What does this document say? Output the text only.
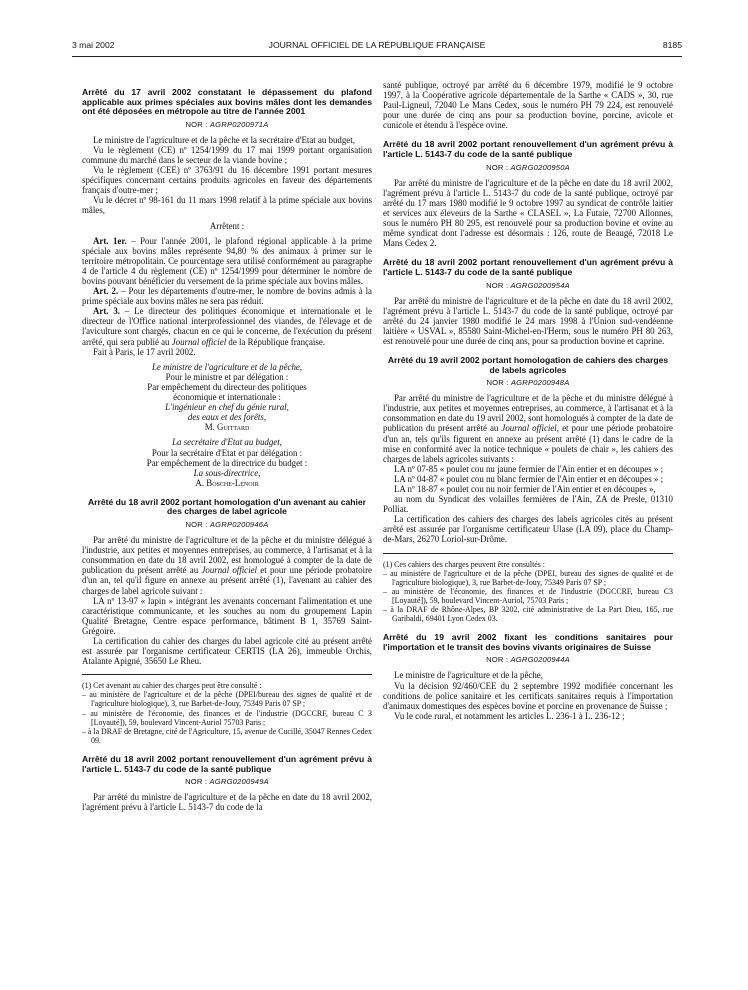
3 mai 2002	JOURNAL OFFICIEL DE LA RÉPUBLIQUE FRANÇAISE	8185
Arrêté du 17 avril 2002 constatant le dépassement du plafond applicable aux primes spéciales aux bovins mâles dont les demandes ont été déposées en métropole au titre de l'année 2001
NOR : AGRP0200971A

Le ministre de l'agriculture et de la pêche et la secrétaire d'Etat au budget,

Vu le règlement (CE) nº 1254/1999 du 17 mai 1999 portant organisation commune du marché dans le secteur de la viande bovine ;

Vu le règlement (CEE) nº 3763/91 du 16 décembre 1991 portant mesures spécifiques concernant certains produits agricoles en faveur des départements français d'outre-mer ;

Vu le décret nº 98-161 du 11 mars 1998 relatif à la prime spéciale aux bovins mâles,

Arrêtent :

Art. 1er. – Pour l'année 2001, le plafond régional applicable à la prime spéciale aux bovins mâles représente 94,80 % des animaux à primer sur le territoire métropolitain. Ce pourcentage sera utilisé conformément au paragraphe 4 de l'article 4 du règlement (CE) nº 1254/1999 pour déterminer le nombre de bovins pouvant bénéficier du versement de la prime spéciale aux bovins mâles.

Art. 2. – Pour les départements d'outre-mer, le nombre de bovins admis à la prime spéciale aux bovins mâles ne sera pas réduit.

Art. 3. – Le directeur des politiques économique et internationale et le directeur de l'Office national interprofessionnel des viandes, de l'élevage et de l'aviculture sont chargés, chacun en ce qui le concerne, de l'exécution du présent arrêté, qui sera publié au Journal officiel de la République française.

Fait à Paris, le 17 avril 2002.

Le ministre de l'agriculture et de la pêche,

Pour le ministre et par délégation :

Par empêchement du directeur des politiques

économique et internationale :

L'ingénieur en chef du génie rural,

des eaux et des forêts,

M. Guittard

La secrétaire d'Etat au budget,

Pour la secrétaire d'Etat et par délégation :

Par empêchement de la directrice du budget :

La sous-directrice,

A. Bosche-Lenoir

Arrêté du 18 avril 2002 portant homologation d'un avenant au cahier des charges de label agricole
NOR : AGRP0200946A

Par arrêté du ministre de l'agriculture et de la pêche et du ministre délégué à l'industrie, aux petites et moyennes entreprises, au commerce, à l'artisanat et à la consommation en date du 18 avril 2002, est homologué à compter de la date de publication du présent arrêté au Journal officiel et pour une période probatoire d'un an, tel qu'il figure en annexe au présent arrêté (1), l'avenant au cahier des charges de label agricole suivant :

LA nº 13-97 « lapin » intégrant les avenants concernant l'alimentation et une caractéristique communicante, et les souches au nom du groupement Lapin Qualité Bretagne, Centre espace performance, bâtiment B 1, 35769 Saint-Grégoire.

La certification du cahier des charges du label agricole cité au présent arrêté est assurée par l'organisme certificateur CERTIS (LA 26), immeuble Orchis, Atalante Apigné, 35650 Le Rheu.

(1) Cet avenant au cahier des charges peut être consulté :

– au ministère de l'agriculture et de la pêche (DPEI/bureau des signes de qualité et de l'agriculture biologique), 3, rue Barbet-de-Jouy, 75349 Paris 07 SP ;

– au ministère de l'économie, des finances et de l'industrie (DGCCRF, bureau C 3 [Loyauté]), 59, boulevard Vincent-Auriol 75703 Paris ;

– à la DRAF de Bretagne, cité de l'Agriculture, 15, avenue de Cucillé, 35047 Rennes Cedex 09.

Arrêté du 18 avril 2002 portant renouvellement d'un agrément prévu à l'article L. 5143-7 du code de la santé publique
NOR : AGRG0200949A

Par arrêté du ministre de l'agriculture et de la pêche en date du 18 avril 2002, l'agrément prévu à l'article L. 5143-7 du code de la

santé publique, octroyé par arrêté du 6 décembre 1979, modifié le 9 octobre 1997, à la Coopérative agricole départementale de la Sarthe « CADS », 30, rue Paul-Ligneul, 72040 Le Mans Cedex, sous le numéro PH 79 224, est renouvelé pour une durée de cinq ans pour sa production bovine, porcine, avicole et cunicole et étendu à l'espèce ovine.

Arrêté du 18 avril 2002 portant renouvellement d'un agrément prévu à l'article L. 5143-7 du code de la santé publique
NOR : AGRG0200950A

Par arrêté du ministre de l'agriculture et de la pêche en date du 18 avril 2002, l'agrément prévu à l'article L. 5143-7 du code de la santé publique, octroyé par arrêté du 17 mars 1980 modifié le 9 octobre 1997 au syndicat de contrôle laitier et services aux éleveurs de la Sarthe « CLASEL », La Futaie, 72700 Allonnes, sous le numéro PH 80 295, est renouvelé pour sa production bovine et ovine au même syndicat dont l'adresse est désormais : 126, route de Beaugé, 72018 Le Mans Cedex 2.

Arrêté du 18 avril 2002 portant renouvellement d'un agrément prévu à l'article L. 5143-7 du code de la santé publique
NOR : AGRG0200954A

Par arrêté du ministre de l'agriculture et de la pêche en date du 18 avril 2002, l'agrément prévu à l'article L. 5143-7 du code de la santé publique, octroyé par arrêté du 24 janvier 1980 modifié le 24 mars 1998 à l'Union sud-vendéenne laitière « USVAL », 85580 Saint-Michel-en-l'Herm, sous le numéro PH 80 263, est renouvelé pour une durée de cinq ans, pour sa production bovine et caprine.

Arrêté du 19 avril 2002 portant homologation de cahiers des charges de labels agricoles
NOR : AGRP0200948A

Par arrêté du ministre de l'agriculture et de la pêche et du ministre délégué à l'industrie, aux petites et moyennes entreprises, au commerce, à l'artisanat et à la consommation en date du 19 avril 2002, sont homologués à compter de la date de publication du présent arrêté au Journal officiel, et pour une période probatoire d'un an, tels qu'ils figurent en annexe au présent arrêté (1) dans le cadre de la mise en conformité avec la notice technique « poulets de chair », les cahiers des charges de labels agricoles suivants :

LA nº 07-85 « poulet cou nu jaune fermier de l'Ain entier et en découpes » ;

LA nº 04-87 « poulet cou nu blanc fermier de l'Ain entier et en découpes » ;

LA nº 18-87 « poulet cou nu noir fermier de l'Ain entier et en découpes »,

au nom du Syndicat des volailles fermières de l'Ain, ZA de Presle, 01310 Polliat.

La certification des cahiers des charges des labels agricoles cités au présent arrêté est assurée par l'organisme certificateur Ulase (LA 09), place du Champ-de-Mars, 26270 Loriol-sur-Drôme.

(1) Ces cahiers des charges peuvent être consultés :

– au ministère de l'agriculture et de la pêche (DPEI, bureau des signes de qualité et de l'agriculture biologique), 3, rue Barbet-de-Jouy, 75349 Paris 07 SP ;

– au ministère de l'économie, des finances et de l'industrie (DGCCRF, bureau C3 [Loyauté]), 59, boulevard Vincent-Auriol, 75703 Paris ;

– à la DRAF de Rhône-Alpes, BP 3202, cité administrative de La Part Dieu, 165, rue Garibaldi, 69401 Lyon Cedex 03.

Arrêté du 19 avril 2002 fixant les conditions sanitaires pour l'importation et le transit des bovins vivants originaires de Suisse
NOR : AGRG0200944A

Le ministre de l'agriculture et de la pêche,

Vu la décision 92/460/CEE du 2 septembre 1992 modifiée concernant les conditions de police sanitaire et les certificats sanitaires requis à l'importation d'animaux domestiques des espèces bovine et porcine en provenance de Suisse ;

Vu le code rural, et notamment les articles L. 236-1 à L. 236-12 ;
